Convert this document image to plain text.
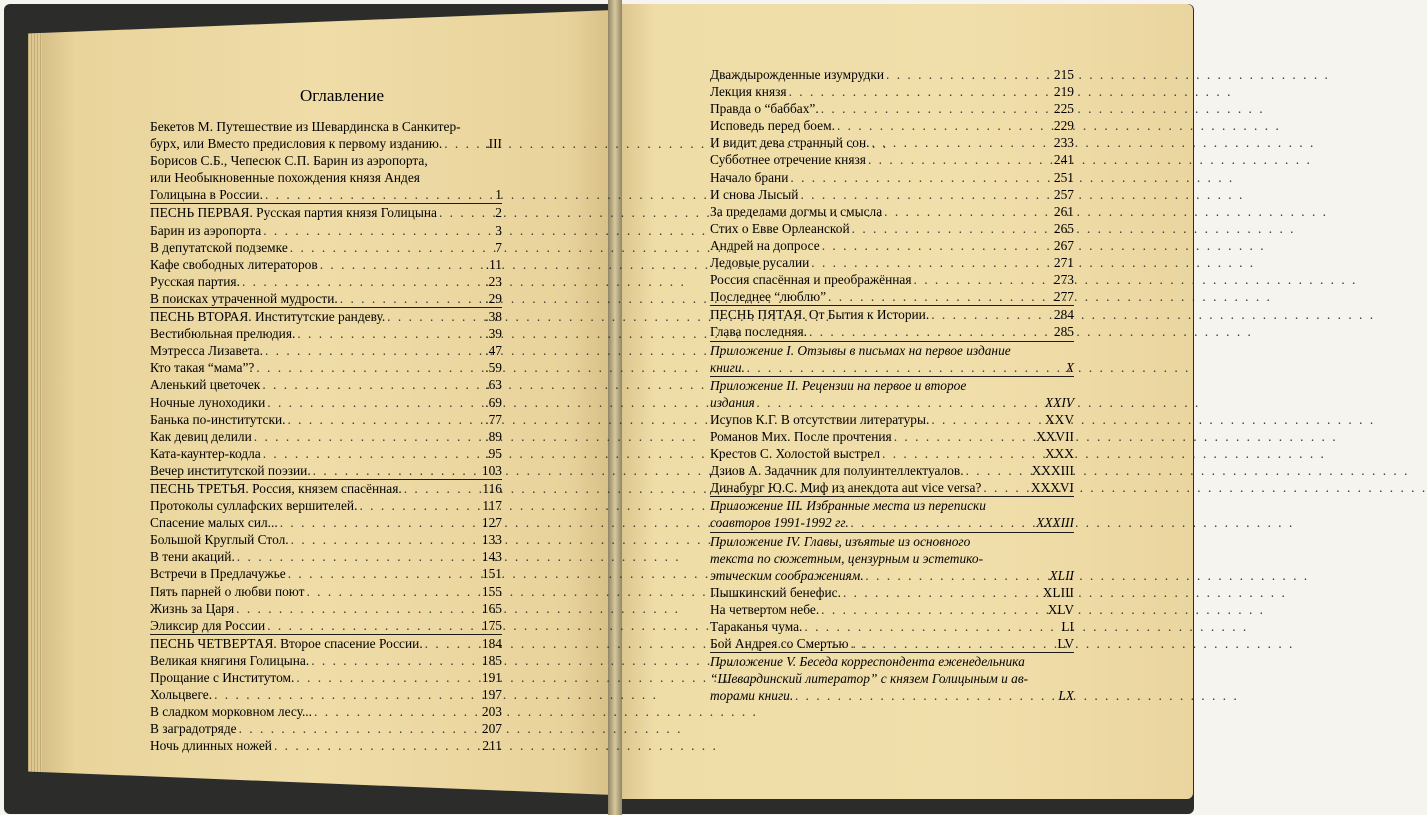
Оглавление
Бекетов М. Путешествие из Шевардинска в Санкитер-
бурх, или Вместо предисловия к первому изданию. . . .	.III
Борисов С.Б., Чепесюк С.П. Барин из аэропорта,
или Необыкновенные похождения князя Андея
Голицына в России. . . .	1
ПЕСНЬ ПЕРВАЯ. Русская партия князя Голицына . . .	2
Барин из аэропорта . . .	3
В депутатской подземке . . .	7
Кафе свободных литераторов . . .	.11
Русская партия. . . .	.23
В поисках утраченной мудрости. . . .	.29
ПЕСНЬ ВТОРАЯ. Институтские рандеву. . . .	.38
Вестибюльная прелюдия. . . .	.39
Мэтресса Лизавета. . . .	.47
Кто такая “мама”? . . .	.59
Аленький цветочек . . .	.63
Ночные луноходики . . .	.69
Банька по-институтски. . . .	.77
Как девиц делили . . .	.89
Ката-каунтер-кодла . . .	.95
Вечер институтской поэзии. . . .	103
ПЕСНЬ ТРЕТЬЯ. Россия, князем спасённая. . . .	116
Протоколы суллафских вершителей. . . .	117
Спасение малых сил... . . .	127
Большой Круглый Стол. . . .	133
В тени акаций. . . .	143
Встречи в Предлачужье . . .	151
Пять парней о любви поют . . .	155
Жизнь за Царя . . .	165
Эликсир для России . . .	175
ПЕСНЬ ЧЕТВЕРТАЯ. Второе спасение России. . . .	184
Великая княгиня Голицына. . . .	185
Прощание с Институтом. . . .	191
Хольцвеге. . . .	197
В сладком морковном лесу... . . .	203
В заградотряде . . .	207
Ночь длинных ножей . . .	211
Дваждырожденные изумрудки . . .	215
Лекция князя . . .	219
Правда о “баббах”. . . .	225
Исповедь перед боем. . . .	229
И видит дева странный сон. . . .	233
Субботнее отречение князя . . .	241
Начало брани . . .	251
И снова Лысый . . .	257
За пределами догмы и смысла . . .	261
Стих о Евве Орлеанской . . .	265
Андрей на допросе . . .	267
Ледовые русалии . . .	271
Россия спасённая и преображённая . . .	273
Последнее “люблю” . . .	277
ПЕСНЬ ПЯТАЯ. От Бытия к Истории. . . .	284
Глава последняя. . . .	285
Приложение I. Отзывы в письмах на первое издание
книги. . . .	X
Приложение II. Рецензии на первое и второе
издания . . .	XXIV
Исупов К.Г. В отсутствии литературы. . . .	XXV
Романов Мих. После прочтения . . .	XXVII
Крестов С. Холостой выстрел . . .	XXX
Дзиов А. Задачник для полуинтеллектуалов. . . .	XXXIII
Динабург Ю.С. Миф из анекдота aut vice versa? . . .	XXXVI
Приложение III. Избранные места из переписки
соавторов 1991-1992 гг. . . .	XXXIII
Приложение IV. Главы, изъятые из основного
текста по сюжетным, цензурным и эстетико-
этическим соображениям. . . .	XLII
Пышкинский бенефис. . . .	XLIII
На четвертом небе. . . .	XLV
Тараканья чума. . . .	LI
Бой Андрея со Смертью . . .	LV
Приложение V. Беседа корреспондента еженедельника
“Шевардинский литератор” с князем Голицыным и ав-
торами книги. . . .	LX
